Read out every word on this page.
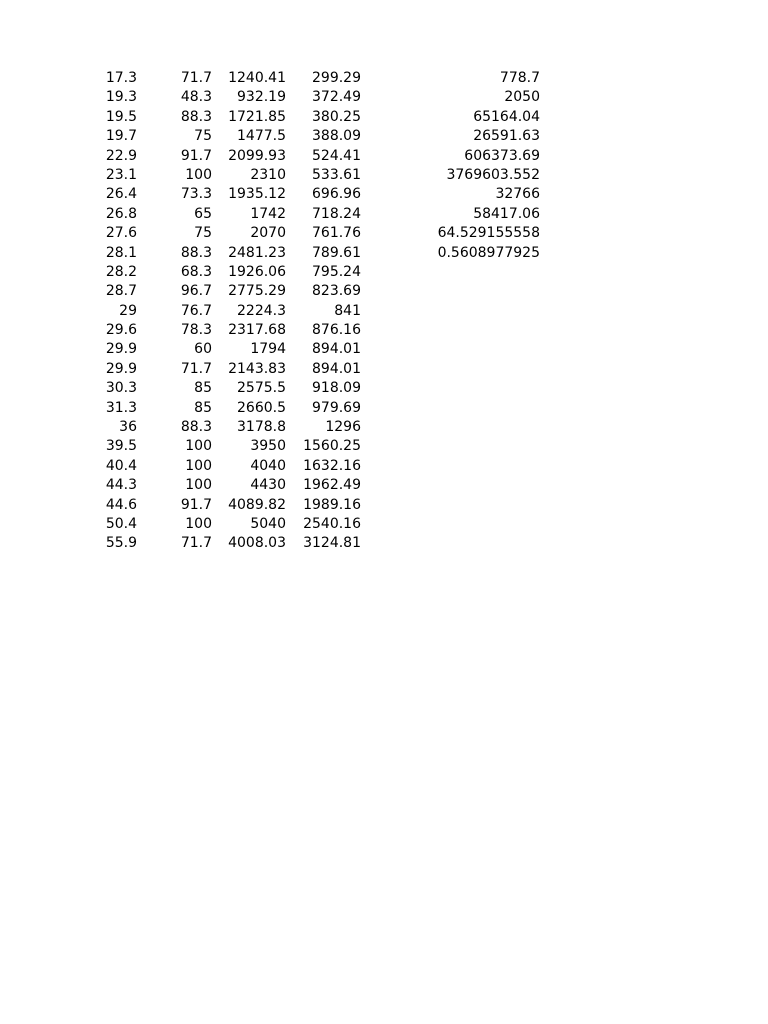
17.3	71.7	1240.41	299.29	778.7
19.3	48.3	932.19	372.49	2050
19.5	88.3	1721.85	380.25	65164.04
19.7	75	1477.5	388.09	26591.63
22.9	91.7	2099.93	524.41	606373.69
23.1	100	2310	533.61	3769603.552
26.4	73.3	1935.12	696.96	32766
26.8	65	1742	718.24	58417.06
27.6	75	2070	761.76	64.529155558
28.1	88.3	2481.23	789.61	0.5608977925
28.2	68.3	1926.06	795.24
28.7	96.7	2775.29	823.69
29	76.7	2224.3	841
29.6	78.3	2317.68	876.16
29.9	60	1794	894.01
29.9	71.7	2143.83	894.01
30.3	85	2575.5	918.09
31.3	85	2660.5	979.69
36	88.3	3178.8	1296
39.5	100	3950	1560.25
40.4	100	4040	1632.16
44.3	100	4430	1962.49
44.6	91.7	4089.82	1989.16
50.4	100	5040	2540.16
55.9	71.7	4008.03	3124.81
